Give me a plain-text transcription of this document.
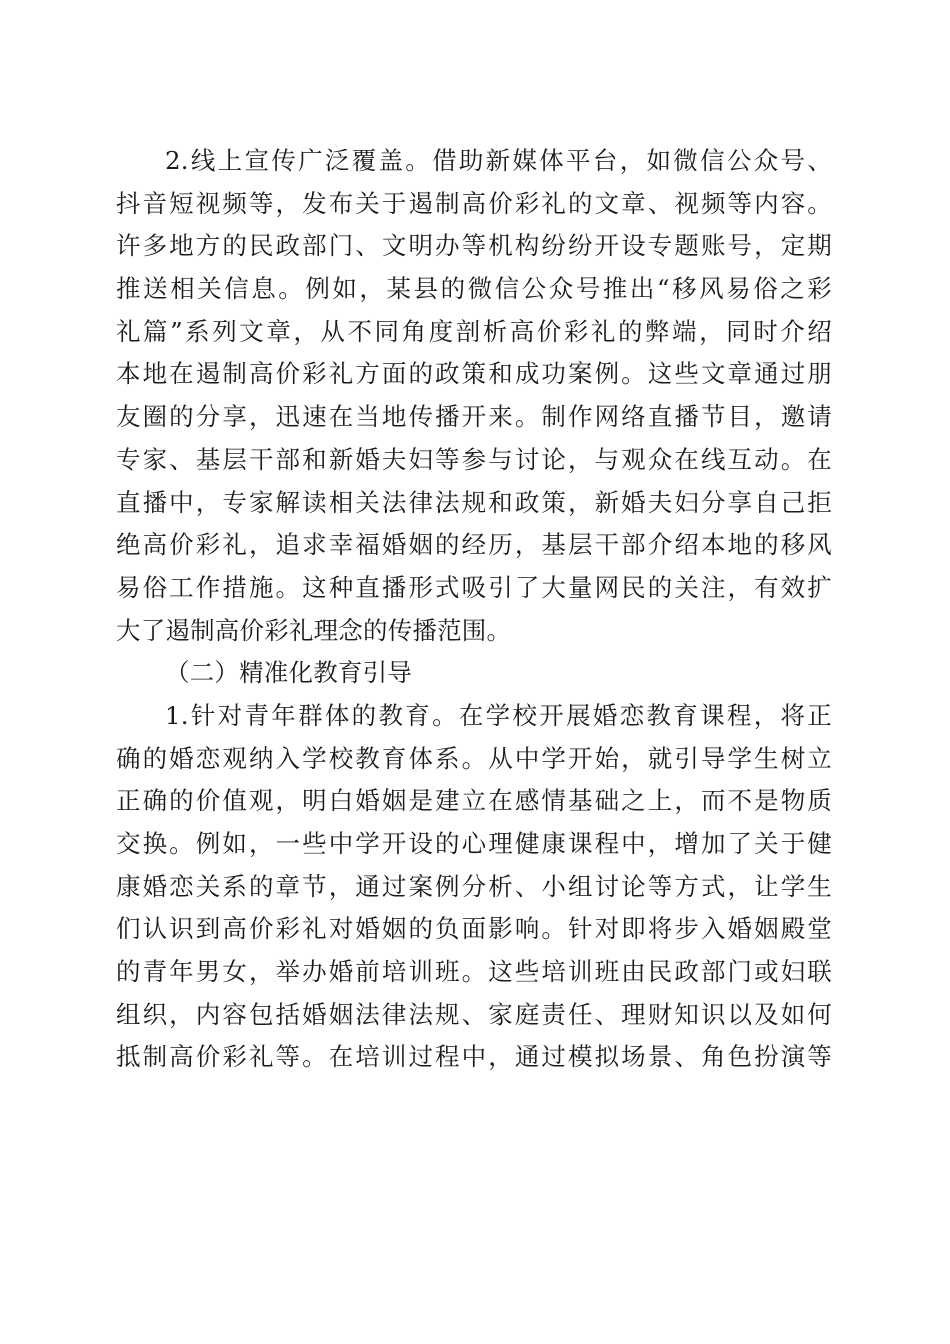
2.线上宣传广泛覆盖。借助新媒体平台，如微信公众号、
抖音短视频等，发布关于遏制高价彩礼的文章、视频等内容。
许多地方的民政部门、文明办等机构纷纷开设专题账号，定期
推送相关信息。例如，某县的微信公众号推出“移风易俗之彩
礼篇”系列文章，从不同角度剖析高价彩礼的弊端，同时介绍
本地在遏制高价彩礼方面的政策和成功案例。这些文章通过朋
友圈的分享，迅速在当地传播开来。制作网络直播节目，邀请
专家、基层干部和新婚夫妇等参与讨论，与观众在线互动。在
直播中，专家解读相关法律法规和政策，新婚夫妇分享自己拒
绝高价彩礼，追求幸福婚姻的经历，基层干部介绍本地的移风
易俗工作措施。这种直播形式吸引了大量网民的关注，有效扩
大了遏制高价彩礼理念的传播范围。
（二）精准化教育引导
1.针对青年群体的教育。在学校开展婚恋教育课程，将正
确的婚恋观纳入学校教育体系。从中学开始，就引导学生树立
正确的价值观，明白婚姻是建立在感情基础之上，而不是物质
交换。例如，一些中学开设的心理健康课程中，增加了关于健
康婚恋关系的章节，通过案例分析、小组讨论等方式，让学生
们认识到高价彩礼对婚姻的负面影响。针对即将步入婚姻殿堂
的青年男女，举办婚前培训班。这些培训班由民政部门或妇联
组织，内容包括婚姻法律法规、家庭责任、理财知识以及如何
抵制高价彩礼等。在培训过程中，通过模拟场景、角色扮演等
